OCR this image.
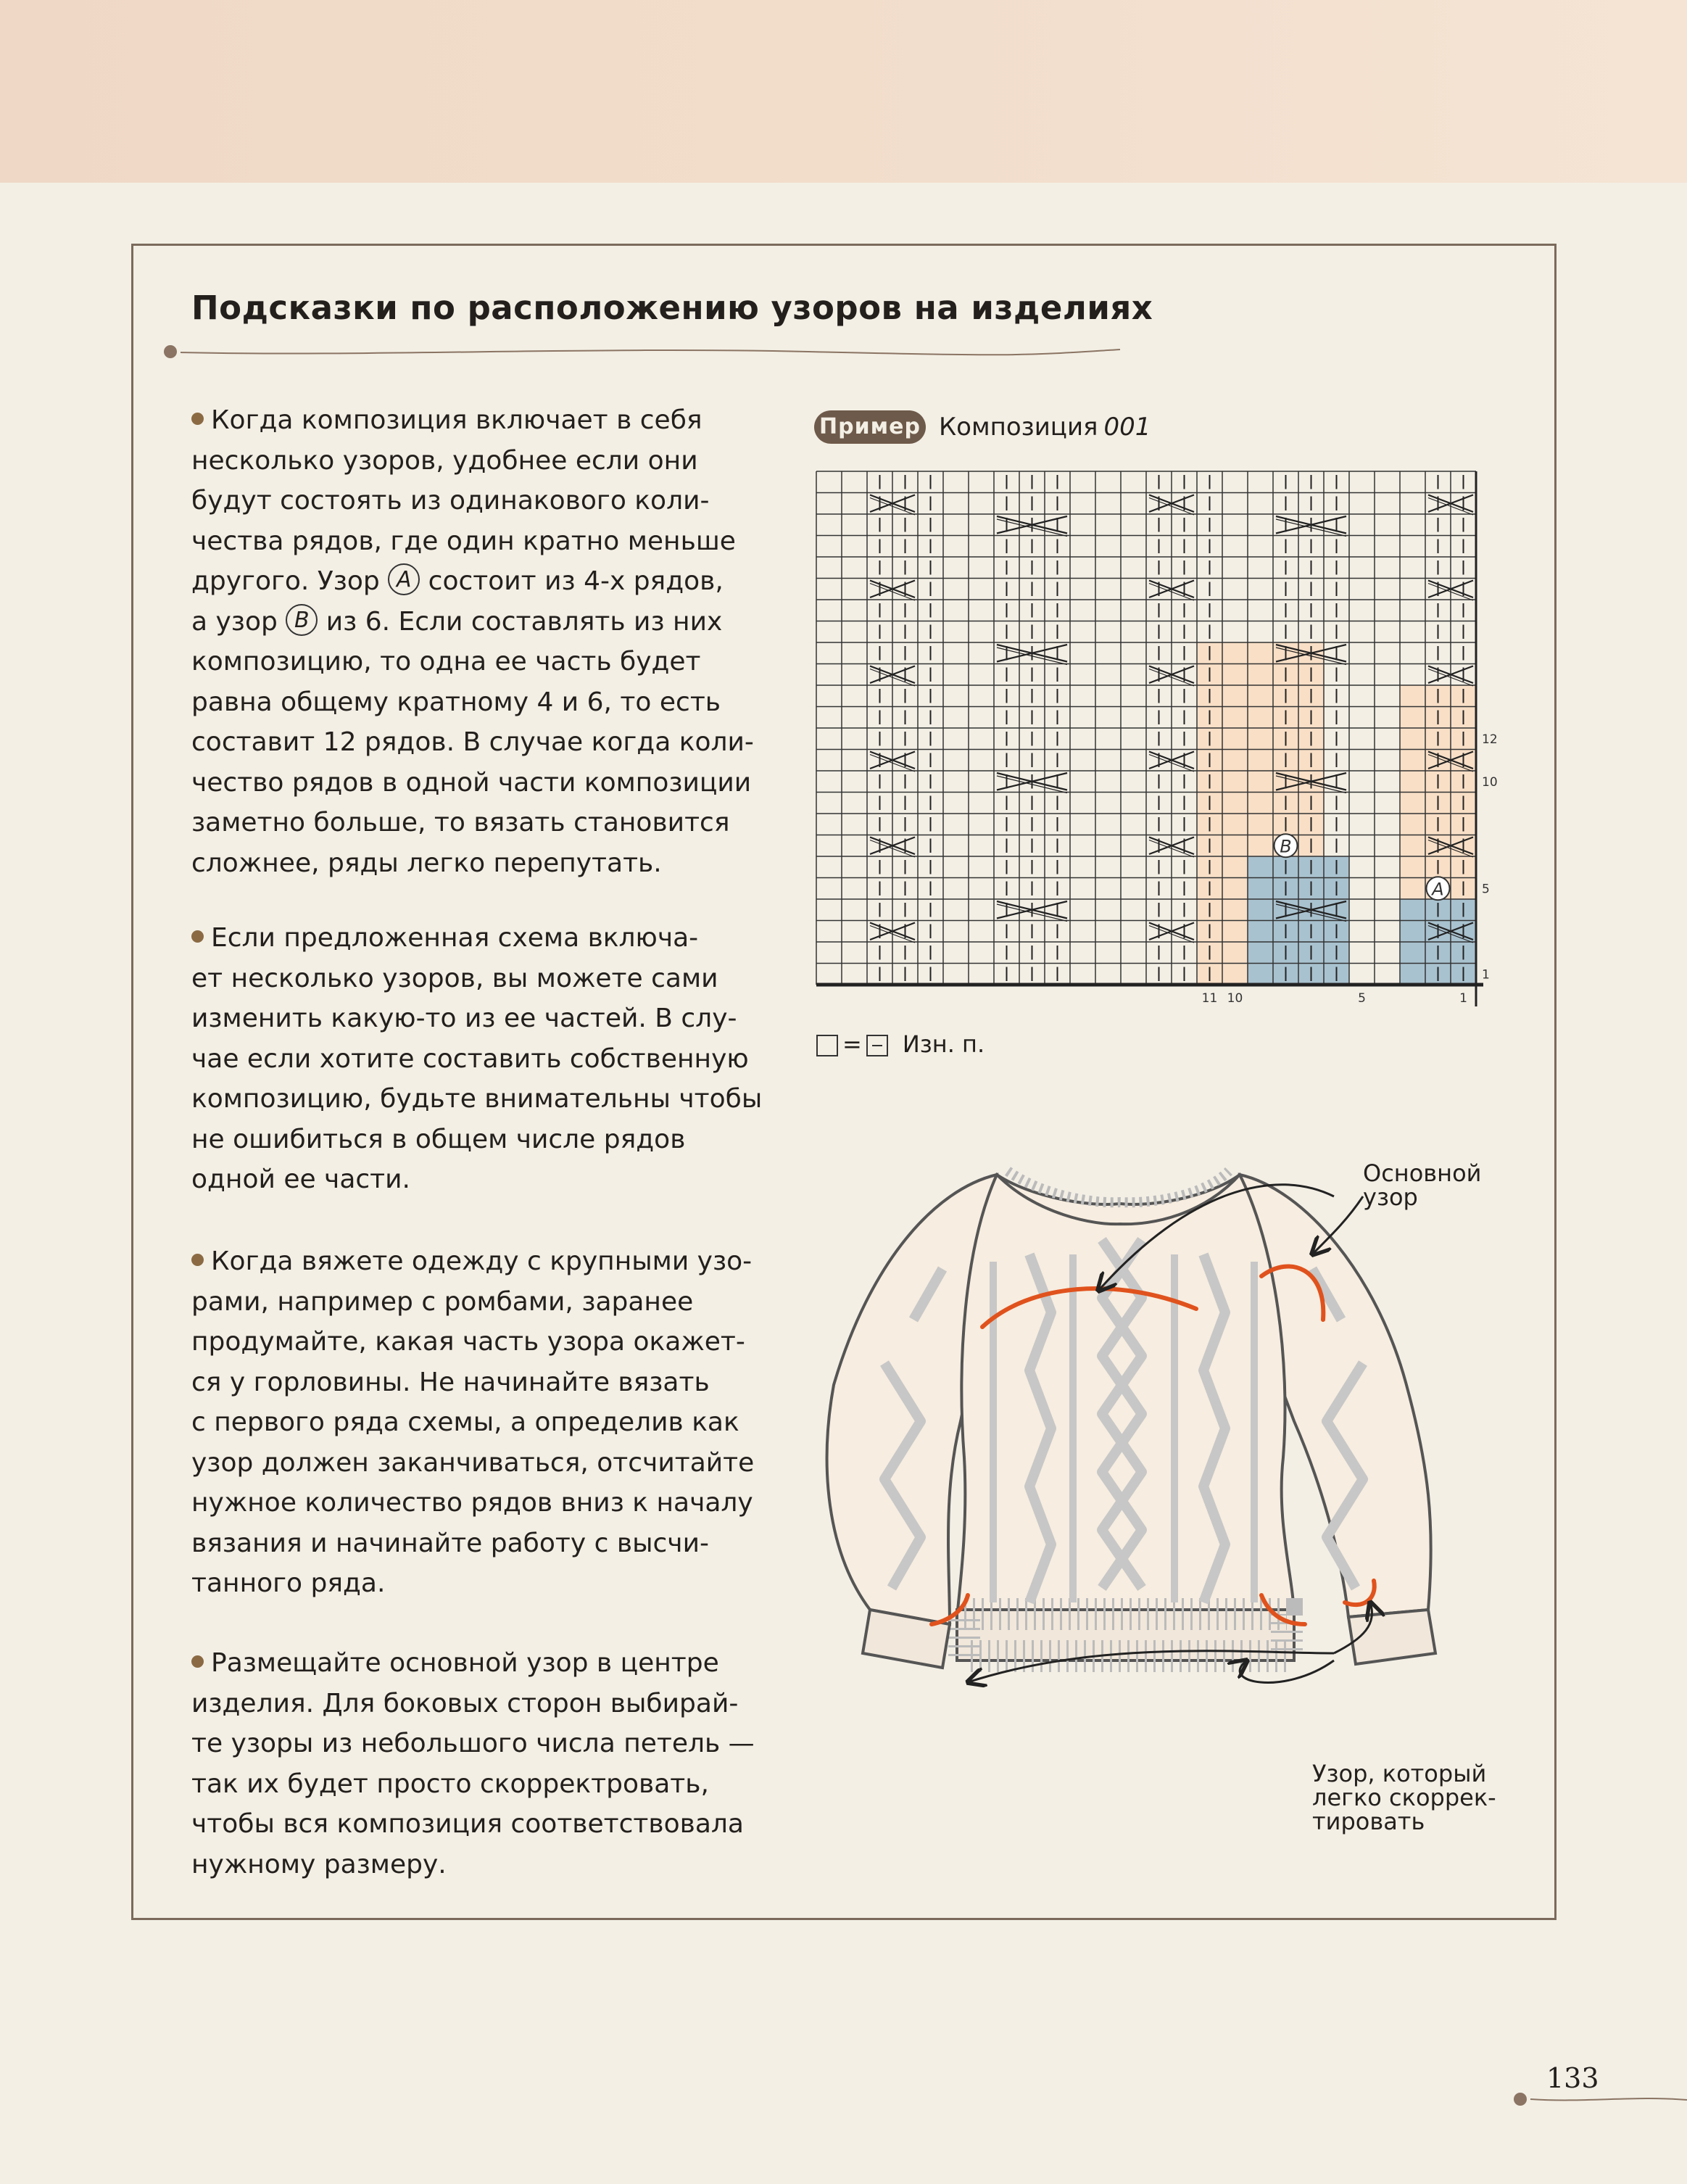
Подсказки по расположению узоров на изделиях

Когда композиция включает в себя
несколько узоров, удобнее если они
будут состоять из одинакового коли-
чества рядов, где один кратно меньше
другого. Узор A состоит из 4-х рядов,
а узор B из 6. Если составлять из них
композицию, то одна ее часть будет
равна общему кратному 4 и 6, то есть
составит 12 рядов. В случае когда коли-
чество рядов в одной части композиции
заметно больше, то вязать становится
сложнее, ряды легко перепутать.

Если предложенная схема включа-
ет несколько узоров, вы можете сами
изменить какую-то из ее частей. В слу-
чае если хотите составить собственную
композицию, будьте внимательны чтобы
не ошибиться в общем числе рядов
одной ее части.

Когда вяжете одежду с крупными узо-
рами, например с ромбами, заранее
продумайте, какая часть узора окажет-
ся у горловины. Не начинайте вязать
с первого ряда схемы, а определив как
узор должен заканчиваться, отсчитайте
нужное количество рядов вниз к началу
вязания и начинайте работу с высчи-
танного ряда.

Размещайте основной узор в центре
изделия. Для боковых сторон выбирай-
те узоры из небольшого числа петель —
так их будет просто скорректровать,
чтобы вся композиция соответствовала
нужному размеру.

Пример Композиция 001
B
A
12
10
5
1
11 10	5	1
= Изн. п.
Основной
узор
Узор, который
легко скоррек-
тировать
133
